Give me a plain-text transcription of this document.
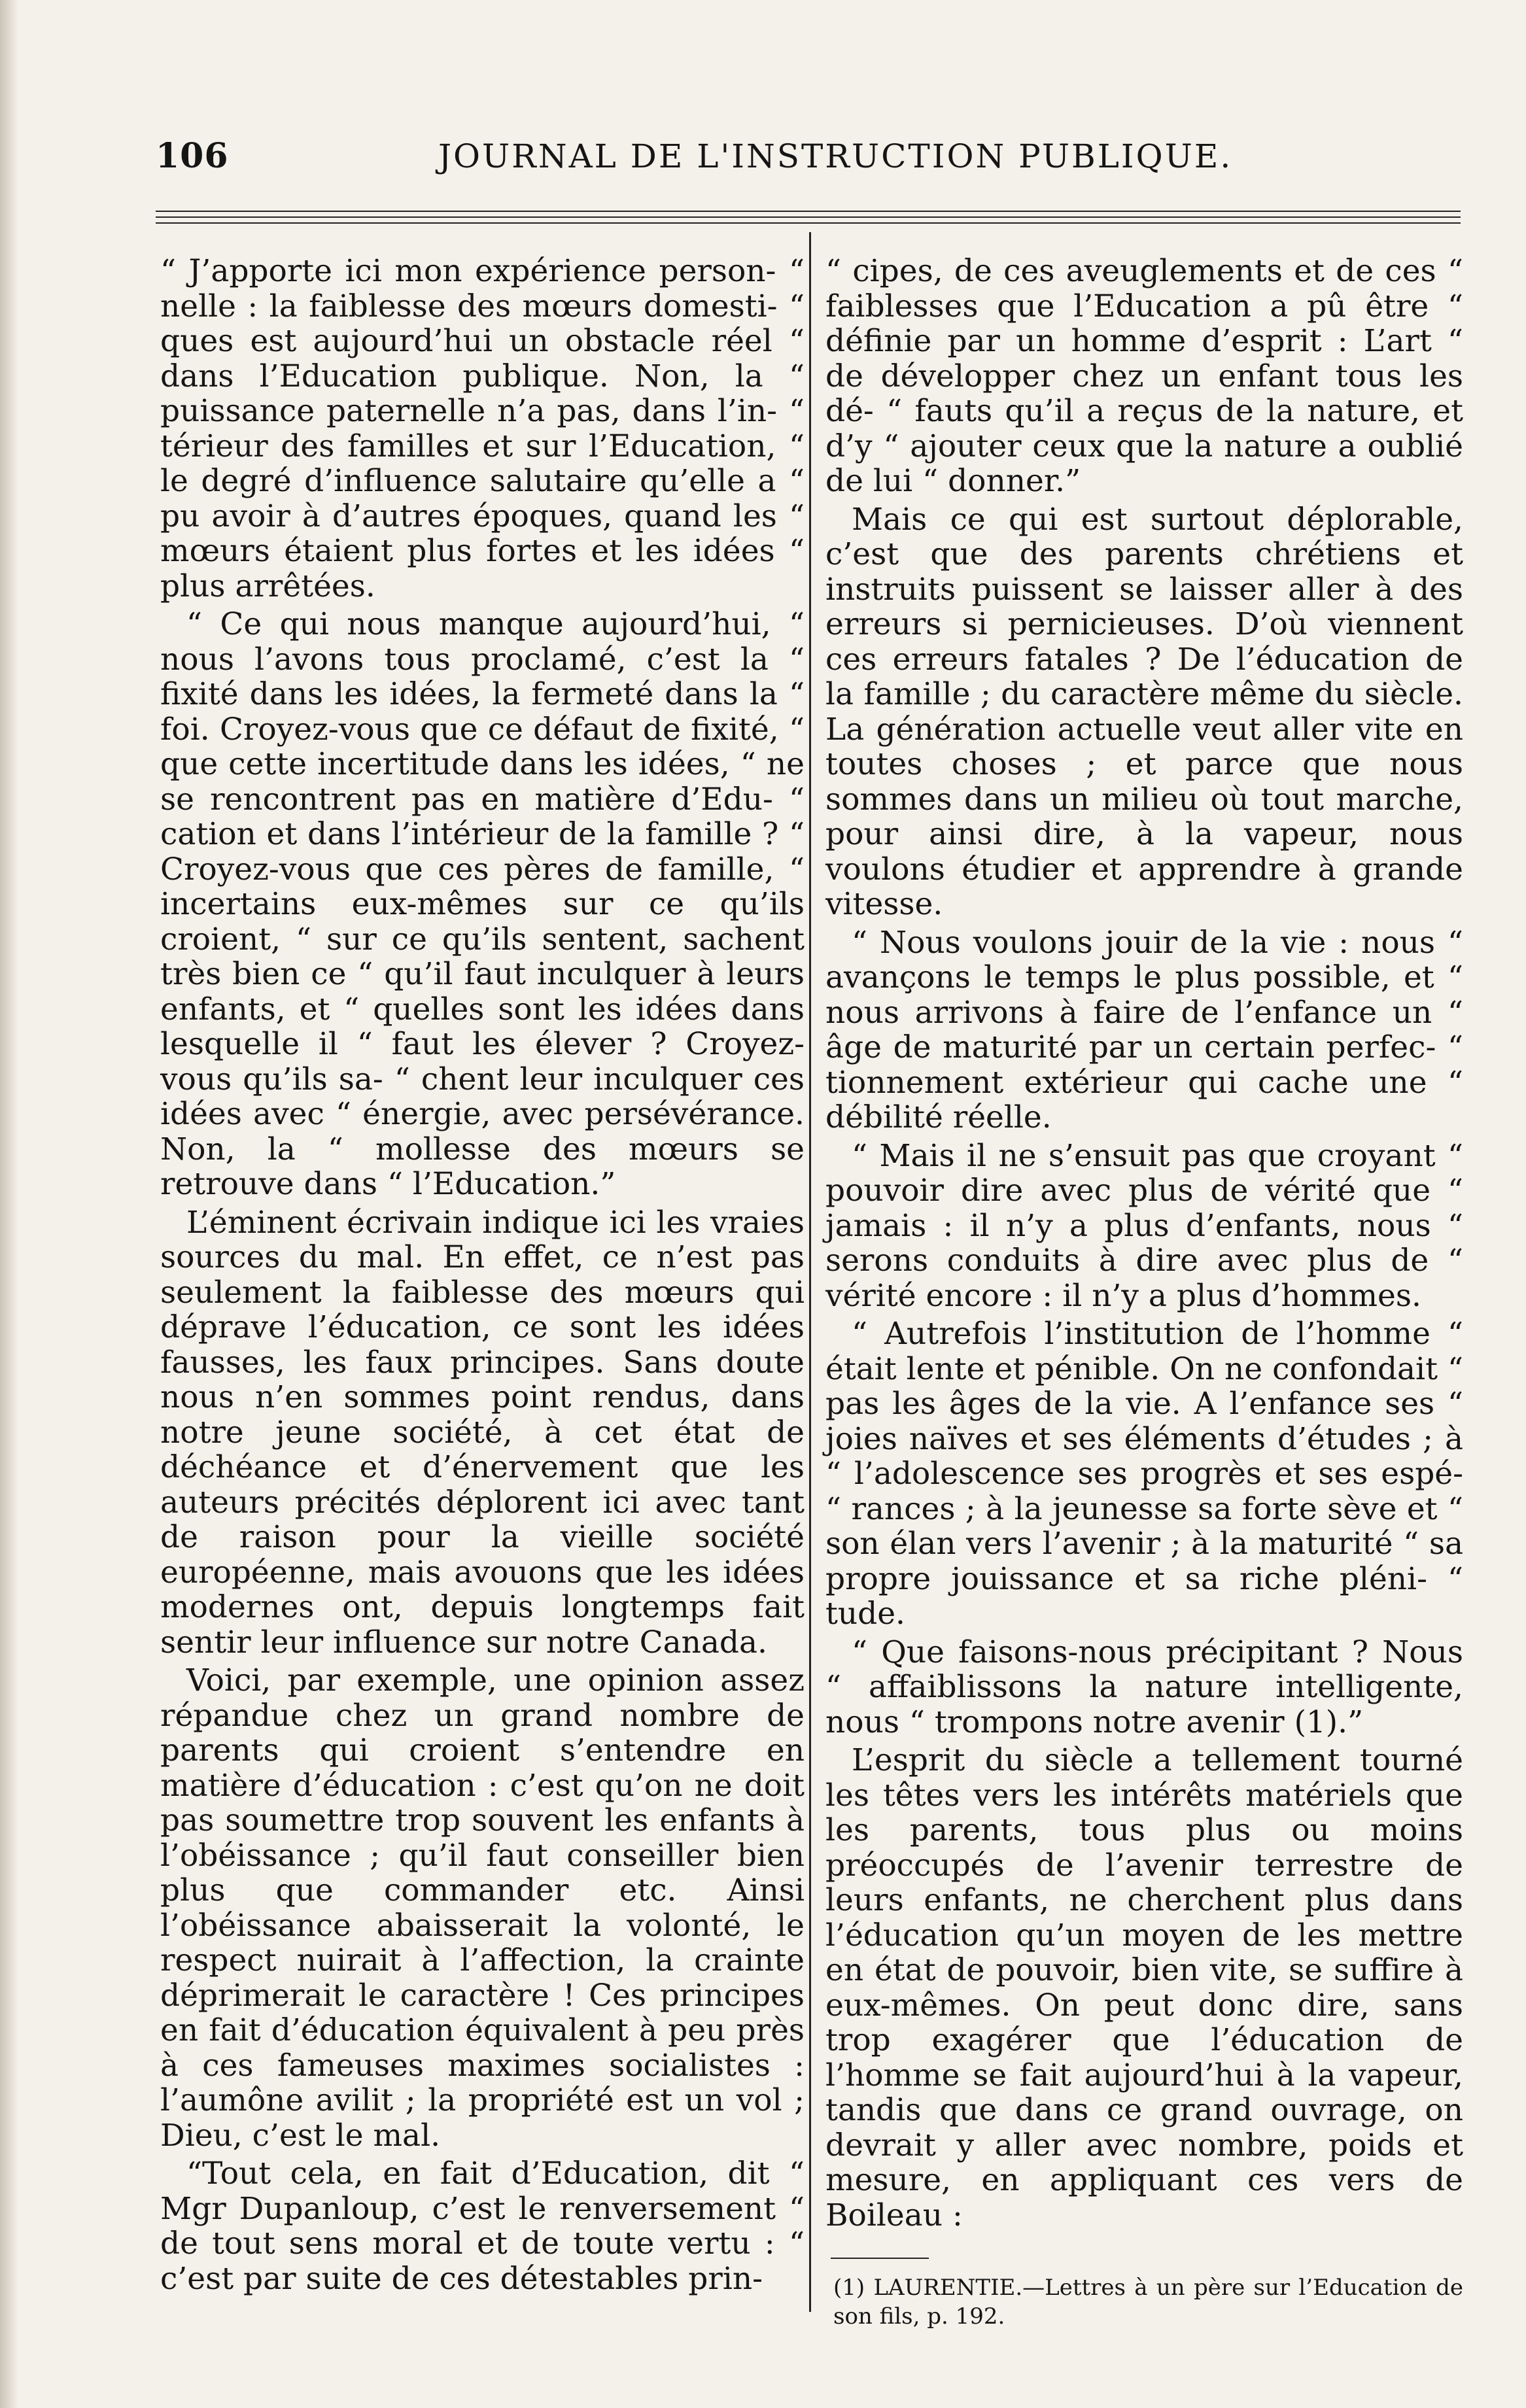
106	JOURNAL DE L'INSTRUCTION PUBLIQUE.

“ J’apporte ici mon expérience person- “ nelle : la faiblesse des mœurs domesti- “ ques est aujourd’hui un obstacle réel “ dans l’Education publique. Non, la “ puissance paternelle n’a pas, dans l’in- “ térieur des familles et sur l’Education, “ le degré d’influence salutaire qu’elle a “ pu avoir à d’autres époques, quand les “ mœurs étaient plus fortes et les idées “ plus arrêtées.

“ Ce qui nous manque aujourd’hui, “ nous l’avons tous proclamé, c’est la “ fixité dans les idées, la fermeté dans la “ foi. Croyez-vous que ce défaut de fixité, “ que cette incertitude dans les idées, “ ne se rencontrent pas en matière d’Edu- “ cation et dans l’intérieur de la famille ? “ Croyez-vous que ces pères de famille, “ incertains eux-mêmes sur ce qu’ils croient, “ sur ce qu’ils sentent, sachent très bien ce “ qu’il faut inculquer à leurs enfants, et “ quelles sont les idées dans lesquelle il “ faut les élever ? Croyez-vous qu’ils sa- “ chent leur inculquer ces idées avec “ énergie, avec persévérance. Non, la “ mollesse des mœurs se retrouve dans “ l’Education.”

L’éminent écrivain indique ici les vraies sources du mal. En effet, ce n’est pas seulement la faiblesse des mœurs qui déprave l’éducation, ce sont les idées fausses, les faux principes. Sans doute nous n’en sommes point rendus, dans notre jeune société, à cet état de déchéance et d’énervement que les auteurs précités déplorent ici avec tant de raison pour la vieille société européenne, mais avouons que les idées modernes ont, depuis longtemps fait sentir leur influence sur notre Canada.

Voici, par exemple, une opinion assez répandue chez un grand nombre de parents qui croient s’entendre en matière d’éducation : c’est qu’on ne doit pas soumettre trop souvent les enfants à l’obéissance ; qu’il faut conseiller bien plus que commander etc. Ainsi l’obéissance abaisserait la volonté, le respect nuirait à l’affection, la crainte déprimerait le caractère ! Ces principes en fait d’éducation équivalent à peu près à ces fameuses maximes socialistes : l’aumône avilit ; la propriété est un vol ; Dieu, c’est le mal.

“Tout cela, en fait d’Education, dit “ Mgr Dupanloup, c’est le renversement “ de tout sens moral et de toute vertu : “ c’est par suite de ces détestables prin-

“ cipes, de ces aveuglements et de ces “ faiblesses que l’Education a pû être “ définie par un homme d’esprit : L’art “ de développer chez un enfant tous les dé- “ fauts qu’il a reçus de la nature, et d’y “ ajouter ceux que la nature a oublié de lui “ donner.”

Mais ce qui est surtout déplorable, c’est que des parents chrétiens et instruits puissent se laisser aller à des erreurs si pernicieuses. D’où viennent ces erreurs fatales ? De l’éducation de la famille ; du caractère même du siècle. La génération actuelle veut aller vite en toutes choses ; et parce que nous sommes dans un milieu où tout marche, pour ainsi dire, à la vapeur, nous voulons étudier et apprendre à grande vitesse.

“ Nous voulons jouir de la vie : nous “ avançons le temps le plus possible, et “ nous arrivons à faire de l’enfance un “ âge de maturité par un certain perfec- “ tionnement extérieur qui cache une “ débilité réelle.

“ Mais il ne s’ensuit pas que croyant “ pouvoir dire avec plus de vérité que “ jamais : il n’y a plus d’enfants, nous “ serons conduits à dire avec plus de “ vérité encore : il n’y a plus d’hommes.

“ Autrefois l’institution de l’homme “ était lente et pénible. On ne confondait “ pas les âges de la vie. A l’enfance ses “ joies naïves et ses éléments d’études ; à “ l’adolescence ses progrès et ses espé- “ rances ; à la jeunesse sa forte sève et “ son élan vers l’avenir ; à la maturité “ sa propre jouissance et sa riche pléni- “ tude.

“ Que faisons-nous précipitant ? Nous “ affaiblissons la nature intelligente, nous “ trompons notre avenir (1).”

L’esprit du siècle a tellement tourné les têtes vers les intérêts matériels que les parents, tous plus ou moins préoccupés de l’avenir terrestre de leurs enfants, ne cherchent plus dans l’éducation qu’un moyen de les mettre en état de pouvoir, bien vite, se suffire à eux-mêmes. On peut donc dire, sans trop exagérer que l’éducation de l’homme se fait aujourd’hui à la vapeur, tandis que dans ce grand ouvrage, on devrait y aller avec nombre, poids et mesure, en appliquant ces vers de Boileau :

(1) LAURENTIE.—Lettres à un père sur l’Education de son fils, p. 192.
